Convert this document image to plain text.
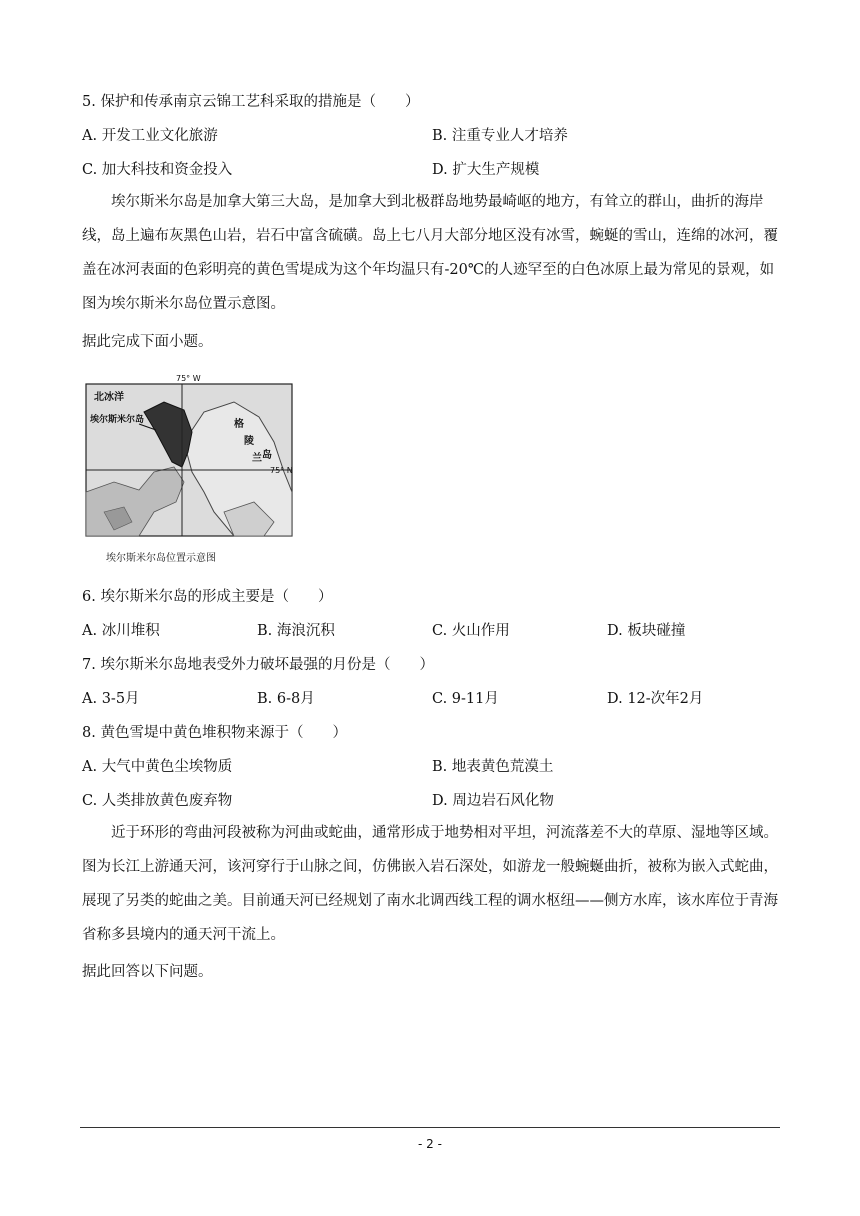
5. 保护和传承南京云锦工艺科采取的措施是（　　）
A. 开发工业文化旅游	B. 注重专业人才培养
C. 加大科技和资金投入	D. 扩大生产规模
埃尔斯米尔岛是加拿大第三大岛，是加拿大到北极群岛地势最崎岖的地方，有耸立的群山，曲折的海岸线，岛上遍布灰黑色山岩，岩石中富含硫磺。岛上七八月大部分地区没有冰雪，蜿蜒的雪山，连绵的冰河，覆盖在冰河表面的色彩明亮的黄色雪堤成为这个年均温只有-20℃的人迹罕至的白色冰原上最为常见的景观，如图为埃尔斯米尔岛位置示意图。
据此完成下面小题。
75° W
75° N
北冰洋
埃尔斯米尔岛	格
陵
兰 岛
埃尔斯米尔岛位置示意图
6. 埃尔斯米尔岛的形成主要是（　　）
A. 冰川堆积	B. 海浪沉积	C. 火山作用	D. 板块碰撞
7. 埃尔斯米尔岛地表受外力破坏最强的月份是（　　）
A. 3-5月	B. 6-8月	C. 9-11月	D. 12-次年2月
8. 黄色雪堤中黄色堆积物来源于（　　）
A. 大气中黄色尘埃物质	B. 地表黄色荒漠土
C. 人类排放黄色废弃物	D. 周边岩石风化物
近于环形的弯曲河段被称为河曲或蛇曲，通常形成于地势相对平坦，河流落差不大的草原、湿地等区域。图为长江上游通天河，该河穿行于山脉之间，仿佛嵌入岩石深处，如游龙一般蜿蜒曲折，被称为嵌入式蛇曲，展现了另类的蛇曲之美。目前通天河已经规划了南水北调西线工程的调水枢纽——侧方水库，该水库位于青海省称多县境内的通天河干流上。
据此回答以下问题。
- 2 -
